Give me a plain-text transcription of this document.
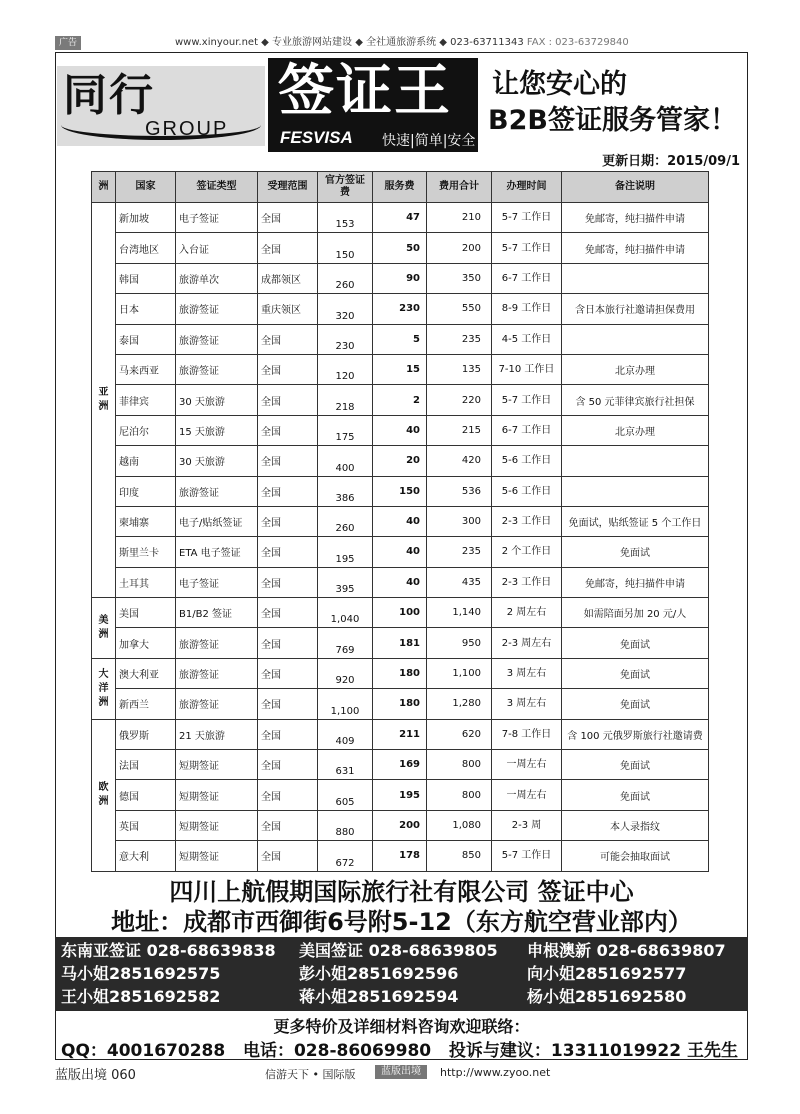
广告	www.xinyour.net ◆ 专业旅游网站建设 ◆ 全社通旅游系统 ◆ 023-63711343 FAX : 023-63729840
同行
GROUP
签证王
FESVISA 快速|简单|安全
让您安心的
B2B签证服务管家！
更新日期：2015/09/1
洲	国家	签证类型	受理范围	官方签证费	服务费	费用合计	办理时间	备注说明
亚
洲	新加坡	电子签证	全国	153	47	210	5-7 工作日	免邮寄，纯扫描件申请
	台湾地区	入台证	全国	150	50	200	5-7 工作日	免邮寄，纯扫描件申请
	韩国	旅游单次	成都领区	260	90	350	6-7 工作日	
	日本	旅游签证	重庆领区	320	230	550	8-9 工作日	含日本旅行社邀请担保费用
	泰国	旅游签证	全国	230	5	235	4-5 工作日	
	马来西亚	旅游签证	全国	120	15	135	7-10 工作日	北京办理
	菲律宾	30 天旅游	全国	218	2	220	5-7 工作日	含 50 元菲律宾旅行社担保
	尼泊尔	15 天旅游	全国	175	40	215	6-7 工作日	北京办理
	越南	30 天旅游	全国	400	20	420	5-6 工作日	
	印度	旅游签证	全国	386	150	536	5-6 工作日	
	柬埔寨	电子/贴纸签证	全国	260	40	300	2-3 工作日	免面试，贴纸签证 5 个工作日
	斯里兰卡	ETA 电子签证	全国	195	40	235	2 个工作日	免面试
	土耳其	电子签证	全国	395	40	435	2-3 工作日	免邮寄，纯扫描件申请
美
洲	美国	B1/B2 签证	全国	1,040	100	1,140	2 周左右	如需陪面另加 20 元/人
	加拿大	旅游签证	全国	769	181	950	2-3 周左右	免面试
大
洋
洲	澳大利亚	旅游签证	全国	920	180	1,100	3 周左右	免面试
	新西兰	旅游签证	全国	1,100	180	1,280	3 周左右	免面试
欧
洲	俄罗斯	21 天旅游	全国	409	211	620	7-8 工作日	含 100 元俄罗斯旅行社邀请费
	法国	短期签证	全国	631	169	800	一周左右	免面试
	德国	短期签证	全国	605	195	800	一周左右	免面试
	英国	短期签证	全国	880	200	1,080	2-3 周	本人录指纹
	意大利	短期签证	全国	672	178	850	5-7 工作日	可能会抽取面试
四川上航假期国际旅行社有限公司 签证中心
地址：成都市西御街6号附5-12（东方航空营业部内）
东南亚签证 028-68639838 美国签证 028-68639805 申根澳新 028-68639807
马小姐2851692575	彭小姐2851692596	向小姐2851692577
王小姐2851692582	蒋小姐2851692594	杨小姐2851692580
更多特价及详细材料咨询欢迎联络：
QQ：4001670288 电话：028-86069980 投诉与建议：13311019922 王先生
蓝版出境 060	信游天下 • 国际版	蓝版出境	http://www.zyoo.net
